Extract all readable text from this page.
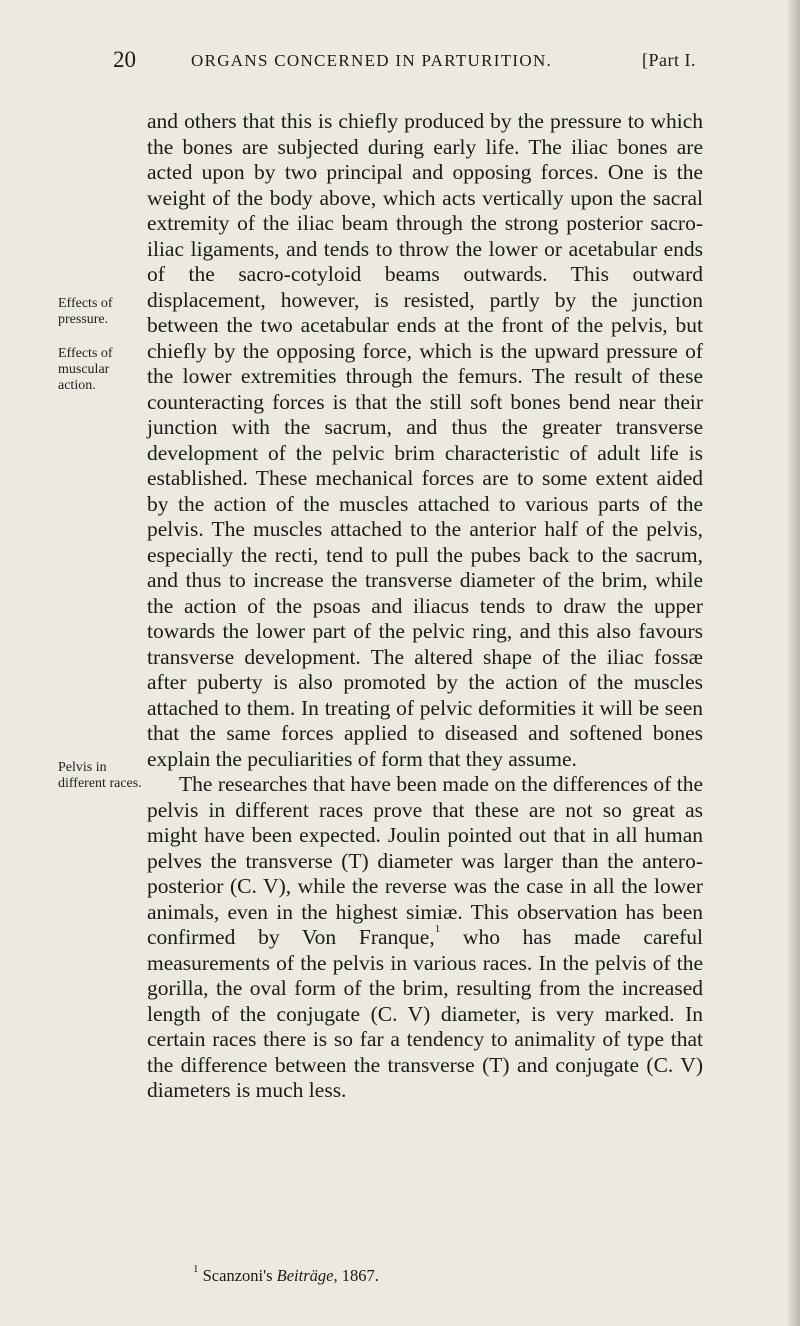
20	ORGANS CONCERNED IN PARTURITION.	[Part I.
Effects of pressure.
Effects of muscular action.
Pelvis in different races.

and others that this is chiefly produced by the pressure to which the bones are subjected during early life. The iliac bones are acted upon by two principal and opposing forces. One is the weight of the body above, which acts vertically upon the sacral extremity of the iliac beam through the strong posterior sacro-iliac ligaments, and tends to throw the lower or acetabular ends of the sacro-cotyloid beams outwards. This outward displacement, however, is resisted, partly by the junction between the two acetabular ends at the front of the pelvis, but chiefly by the opposing force, which is the upward pressure of the lower extremities through the femurs. The result of these counteracting forces is that the still soft bones bend near their junction with the sacrum, and thus the greater transverse development of the pelvic brim characteristic of adult life is established. These mechanical forces are to some extent aided by the action of the muscles attached to various parts of the pelvis. The muscles attached to the anterior half of the pelvis, especially the recti, tend to pull the pubes back to the sacrum, and thus to increase the transverse diameter of the brim, while the action of the psoas and iliacus tends to draw the upper towards the lower part of the pelvic ring, and this also favours transverse development. The altered shape of the iliac fossæ after puberty is also promoted by the action of the muscles attached to them. In treating of pelvic deformities it will be seen that the same forces applied to diseased and softened bones explain the peculiarities of form that they assume.

The researches that have been made on the differences of the pelvis in different races prove that these are not so great as might have been expected. Joulin pointed out that in all human pelves the transverse (T) diameter was larger than the antero-posterior (C. V), while the reverse was the case in all the lower animals, even in the highest simiæ. This observation has been confirmed by Von Franque,$^1$ who has made careful measurements of the pelvis in various races. In the pelvis of the gorilla, the oval form of the brim, resulting from the increased length of the conjugate (C. V) diameter, is very marked. In certain races there is so far a tendency to animality of type that the difference between the transverse (T) and conjugate (C. V) diameters is much less.

$^1$ Scanzoni's Beiträge, 1867.
